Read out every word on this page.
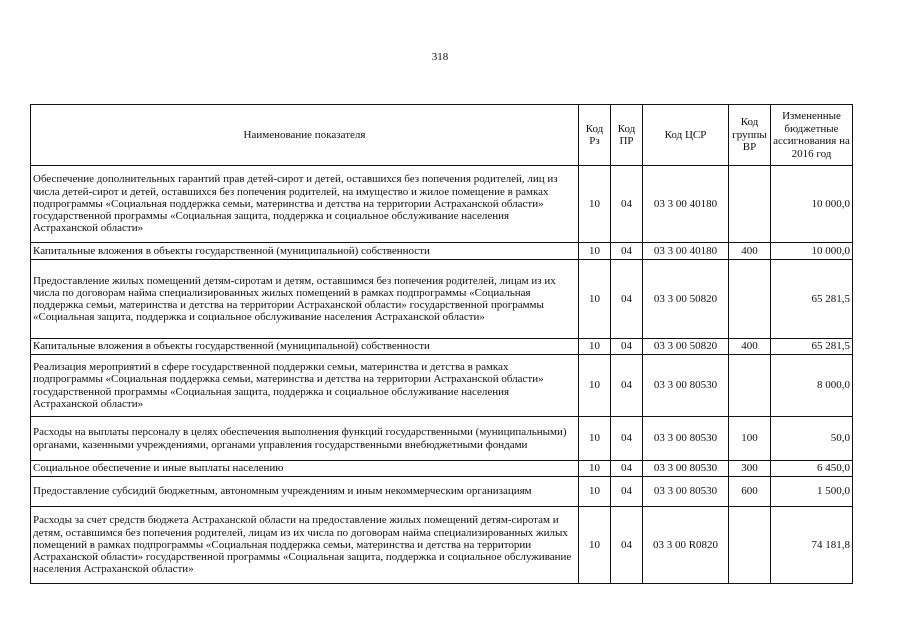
318
Наименование показателя	Код Рз	Код ПР	Код ЦСР	Код группы ВР	Измененные бюджетные ассигнования на 2016 год
Обеспечение дополнительных гарантий прав детей-сирот и детей, оставшихся без попечения родителей, лиц из числа детей-сирот и детей, оставшихся без попечения родителей, на имущество и жилое помещение в рамках подпрограммы «Социальная поддержка семьи, материнства и детства на территории Астраханской области» государственной программы «Социальная защита, поддержка и социальное обслуживание населения Астраханской области»	10	04	03 3 00 40180		10 000,0
Капитальные вложения в объекты государственной (муниципальной) собственности	10	04	03 3 00 40180	400	10 000,0
Предоставление жилых помещений детям-сиротам и детям, оставшимся без попечения родителей, лицам из их числа по договорам найма специализированных жилых помещений в рамках подпрограммы «Социальная поддержка семьи, материнства и детства на территории Астраханской области» государственной программы «Социальная защита, поддержка и социальное обслуживание населения Астраханской области»	10	04	03 3 00 50820		65 281,5
Капитальные вложения в объекты государственной (муниципальной) собственности	10	04	03 3 00 50820	400	65 281,5
Реализация мероприятий в сфере государственной поддержки семьи, материнства и детства в рамках подпрограммы «Социальная поддержка семьи, материнства и детства на территории Астраханской области» государственной программы «Социальная защита, поддержка и социальное обслуживание населения Астраханской области»	10	04	03 3 00 80530		8 000,0
Расходы на выплаты персоналу в целях обеспечения выполнения функций государственными (муниципальными) органами, казенными учреждениями, органами управления государственными внебюджетными фондами	10	04	03 3 00 80530	100	50,0
Социальное обеспечение и иные выплаты населению	10	04	03 3 00 80530	300	6 450,0
Предоставление субсидий бюджетным, автономным учреждениям и иным некоммерческим организациям	10	04	03 3 00 80530	600	1 500,0
Расходы за счет средств бюджета Астраханской области на предоставление жилых помещений детям-сиротам и детям, оставшимся без попечения родителей, лицам из их числа по договорам найма специализированных жилых помещений в рамках подпрограммы «Социальная поддержка семьи, материнства и детства на территории Астраханской области» государственной программы «Социальная защита, поддержка и социальное обслуживание населения Астраханской области»	10	04	03 3 00 R0820		74 181,8
